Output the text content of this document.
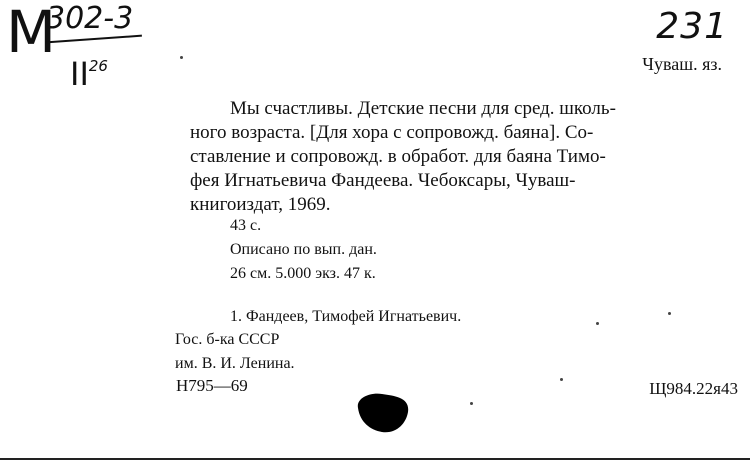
M
302-3
II$^{26}$
231
Чуваш. яз.
Мы счастливы. Детские песни для сред. школь-
ного возраста. [Для хора с сопровожд. баяна]. Со-
ставление и сопровожд. в обработ. для баяна Тимо-
фея Игнатьевича Фандеева. Чебоксары, Чуваш-
книгоиздат, 1969.
43 с.
Описано по вып. дан.
26 см. 5.000 экз. 47 к.
1. Фандеев, Тимофей Игнатьевич.
Гос. б-ка СССР
им. В. И. Ленина.
Н795—69	Щ984.22я43
